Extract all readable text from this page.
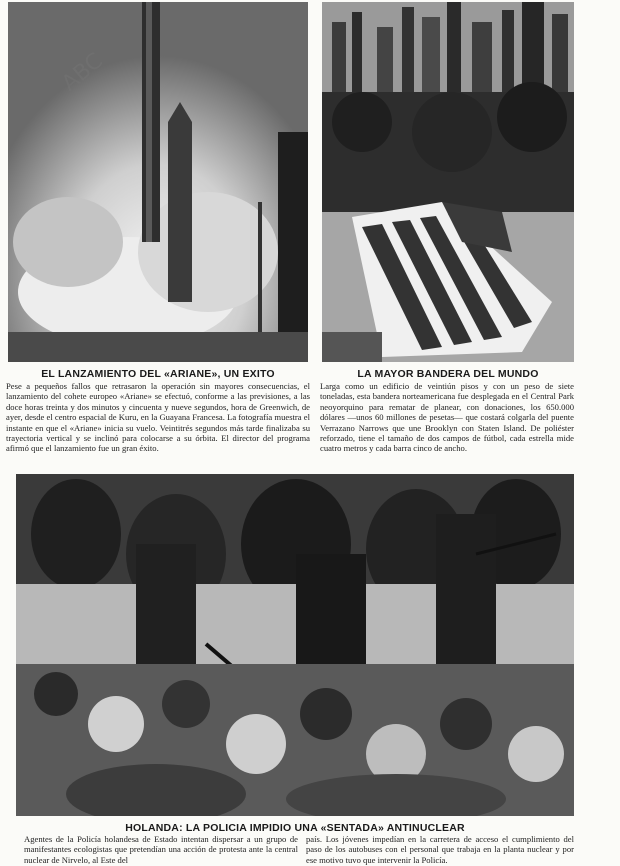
ABC
EL LANZAMIENTO DEL «ARIANE», UN EXITO	LA MAYOR BANDERA DEL MUNDO
Pese a pequeños fallos que retrasaron la operación sin mayores consecuencias, el lanzamiento del cohete europeo «Ariane» se efectuó, conforme a las previsiones, a las doce horas treinta y dos minutos y cincuenta y nueve segundos, hora de Greenwich, de ayer, desde el centro espacial de Kuru, en la Guayana Francesa. La fotografía muestra el instante en que el «Ariane» inicia su vuelo. Veintitrés segundos más tarde finalizaba su trayectoria vertical y se inclinó para colocarse a su órbita. El director del programa afirmó que el lanzamiento fue un gran éxito.
Larga como un edificio de veintiún pisos y con un peso de siete toneladas, esta bandera norteamericana fue desplegada en el Central Park neoyorquino para rematar de planear, con donaciones, los 650.000 dólares —unos 60 millones de pesetas— que costará colgarla del puente Verrazano Narrows que une Brooklyn con Staten Island. De poliéster reforzado, tiene el tamaño de dos campos de fútbol, cada estrella mide cuatro metros y cada barra cinco de ancho.
HOLANDA: LA POLICIA IMPIDIO UNA «SENTADA» ANTINUCLEAR
Agentes de la Policía holandesa de Estado intentan dispersar a un grupo de manifestantes ecologistas que pretendían una acción de protesta ante la central nuclear de Nirvelo, al Este del
país. Los jóvenes impedían en la carretera de acceso el cumplimiento del paso de los autobuses con el personal que trabaja en la planta nuclear y por ese motivo tuvo que intervenir la Policía.
